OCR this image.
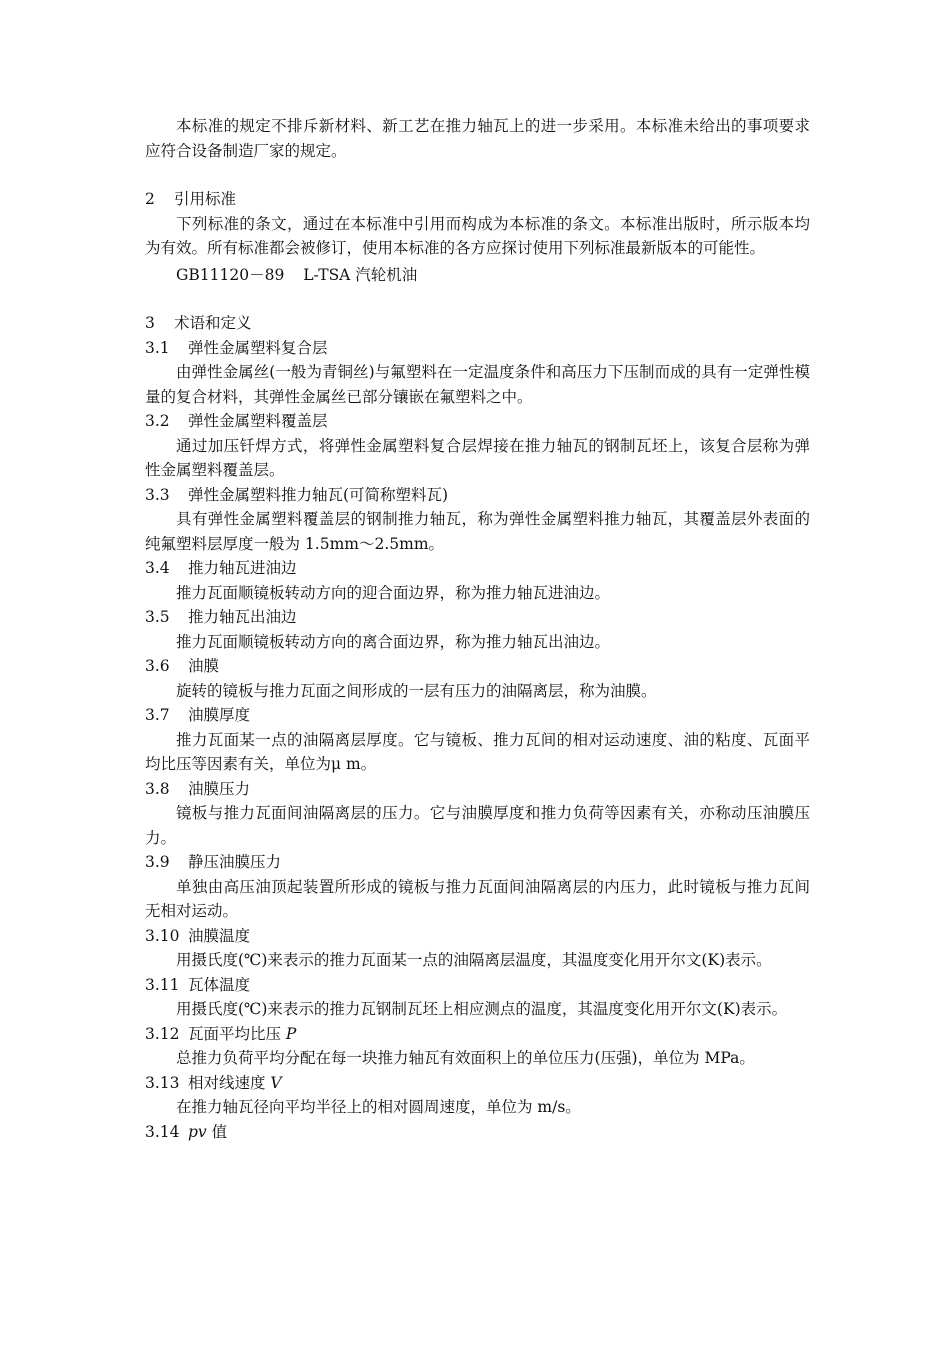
本标准的规定不排斥新材料、新工艺在推力轴瓦上的进一步采用。本标准未给出的事项要求应符合设备制造厂家的规定。

2 引用标准

下列标准的条文，通过在本标准中引用而构成为本标准的条文。本标准出版时，所示版本均为有效。所有标准都会被修订，使用本标准的各方应探讨使用下列标准最新版本的可能性。

GB11120－89 L-TSA 汽轮机油

3 术语和定义

3.1 弹性金属塑料复合层

由弹性金属丝(一般为青铜丝)与氟塑料在一定温度条件和高压力下压制而成的具有一定弹性模量的复合材料，其弹性金属丝已部分镶嵌在氟塑料之中。

3.2 弹性金属塑料覆盖层

通过加压钎焊方式，将弹性金属塑料复合层焊接在推力轴瓦的钢制瓦坯上，该复合层称为弹性金属塑料覆盖层。

3.3 弹性金属塑料推力轴瓦(可简称塑料瓦)

具有弹性金属塑料覆盖层的钢制推力轴瓦，称为弹性金属塑料推力轴瓦，其覆盖层外表面的纯氟塑料层厚度一般为 1.5mm～2.5mm。

3.4 推力轴瓦进油边

推力瓦面顺镜板转动方向的迎合面边界，称为推力轴瓦进油边。

3.5 推力轴瓦出油边

推力瓦面顺镜板转动方向的离合面边界，称为推力轴瓦出油边。

3.6 油膜

旋转的镜板与推力瓦面之间形成的一层有压力的油隔离层，称为油膜。

3.7 油膜厚度

推力瓦面某一点的油隔离层厚度。它与镜板、推力瓦间的相对运动速度、油的粘度、瓦面平均比压等因素有关，单位为μ m。

3.8 油膜压力

镜板与推力瓦面间油隔离层的压力。它与油膜厚度和推力负荷等因素有关，亦称动压油膜压力。

3.9 静压油膜压力

单独由高压油顶起装置所形成的镜板与推力瓦面间油隔离层的内压力，此时镜板与推力瓦间无相对运动。

3.10 油膜温度

用摄氏度(℃)来表示的推力瓦面某一点的油隔离层温度，其温度变化用开尔文(K)表示。

3.11 瓦体温度

用摄氏度(℃)来表示的推力瓦钢制瓦坯上相应测点的温度，其温度变化用开尔文(K)表示。

3.12 瓦面平均比压 P

总推力负荷平均分配在每一块推力轴瓦有效面积上的单位压力(压强)，单位为 MPa。

3.13 相对线速度 V

在推力轴瓦径向平均半径上的相对圆周速度，单位为 m/s。

3.14 pv 值
